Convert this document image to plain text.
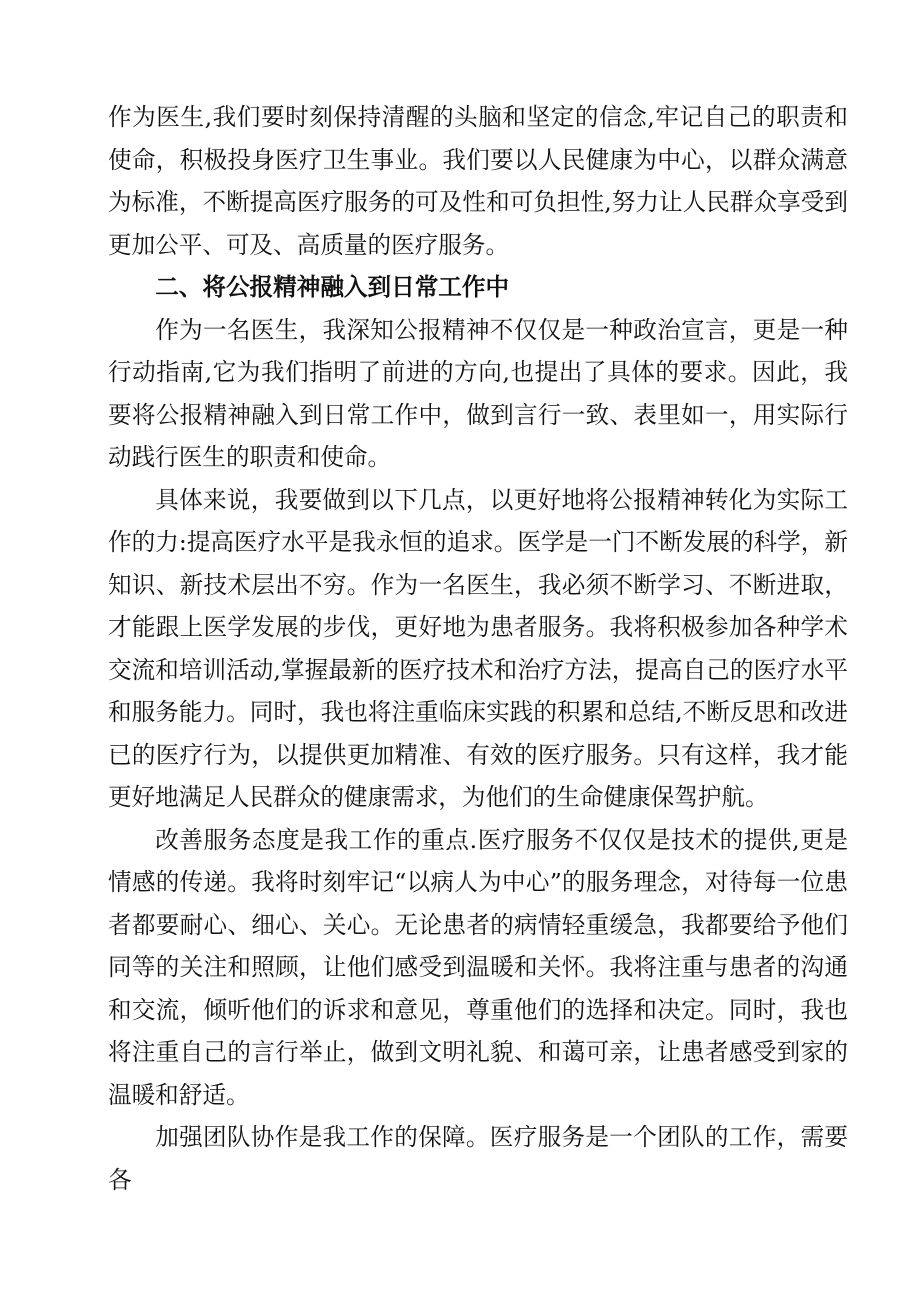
作为医生,我们要时刻保持清醒的头脑和坚定的信念,牢记自己的职责和使命，积极投身医疗卫生事业。我们要以人民健康为中心，以群众满意为标准，不断提高医疗服务的可及性和可负担性,努力让人民群众享受到更加公平、可及、高质量的医疗服务。

二、将公报精神融入到日常工作中

作为一名医生，我深知公报精神不仅仅是一种政治宣言，更是一种行动指南,它为我们指明了前进的方向,也提出了具体的要求。因此，我要将公报精神融入到日常工作中，做到言行一致、表里如一，用实际行动践行医生的职责和使命。

具体来说，我要做到以下几点，以更好地将公报精神转化为实际工作的力:提高医疗水平是我永恒的追求。医学是一门不断发展的科学，新知识、新技术层出不穷。作为一名医生，我必须不断学习、不断进取，才能跟上医学发展的步伐，更好地为患者服务。我将积极参加各种学术交流和培训活动,掌握最新的医疗技术和治疗方法，提高自己的医疗水平和服务能力。同时，我也将注重临床实践的积累和总结,不断反思和改进已的医疗行为，以提供更加精准、有效的医疗服务。只有这样，我才能更好地满足人民群众的健康需求，为他们的生命健康保驾护航。

改善服务态度是我工作的重点.医疗服务不仅仅是技术的提供,更是情感的传递。我将时刻牢记“以病人为中心”的服务理念，对待每一位患者都要耐心、细心、关心。无论患者的病情轻重缓急，我都要给予他们同等的关注和照顾，让他们感受到温暖和关怀。我将注重与患者的沟通和交流，倾听他们的诉求和意见，尊重他们的选择和决定。同时，我也将注重自己的言行举止，做到文明礼貌、和蔼可亲，让患者感受到家的温暖和舒适。

加强团队协作是我工作的保障。医疗服务是一个团队的工作，需要各
